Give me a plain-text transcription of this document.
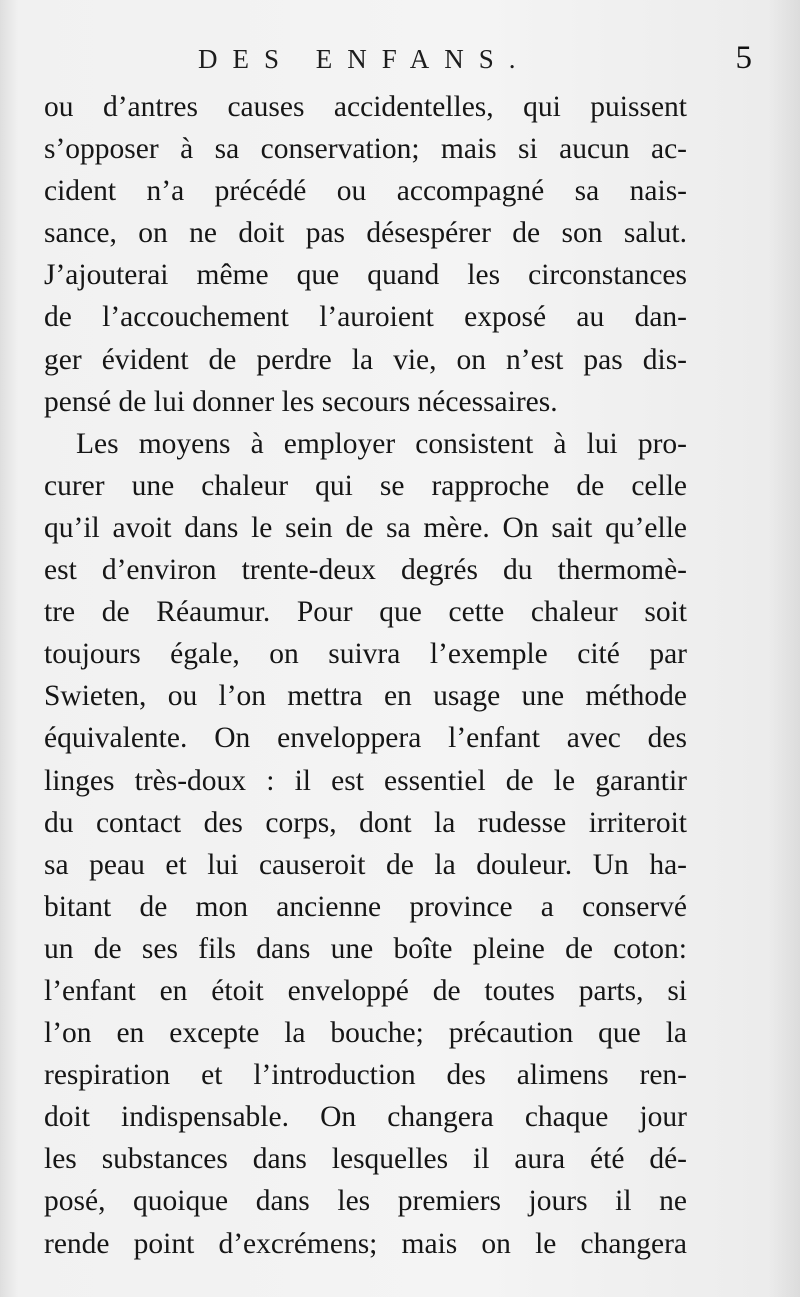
DES ENFANS.	5
ou d’antres causes accidentelles, qui puissent
s’opposer à sa conservation; mais si aucun ac-
cident n’a précédé ou accompagné sa nais-
sance, on ne doit pas désespérer de son salut.
J’ajouterai même que quand les circonstances
de l’accouchement l’auroient exposé au dan-
ger évident de perdre la vie, on n’est pas dis-
pensé de lui donner les secours nécessaires.
Les moyens à employer consistent à lui pro-
curer une chaleur qui se rapproche de celle
qu’il avoit dans le sein de sa mère. On sait qu’elle
est d’environ trente-deux degrés du thermomè-
tre de Réaumur. Pour que cette chaleur soit
toujours égale, on suivra l’exemple cité par
Swieten, ou l’on mettra en usage une méthode
équivalente. On enveloppera l’enfant avec des
linges très-doux : il est essentiel de le garantir
du contact des corps, dont la rudesse irriteroit
sa peau et lui causeroit de la douleur. Un ha-
bitant de mon ancienne province a conservé
un de ses fils dans une boîte pleine de coton:
l’enfant en étoit enveloppé de toutes parts, si
l’on en excepte la bouche; précaution que la
respiration et l’introduction des alimens ren-
doit indispensable. On changera chaque jour
les substances dans lesquelles il aura été dé-
posé, quoique dans les premiers jours il ne
rende point d’excrémens; mais on le changera
